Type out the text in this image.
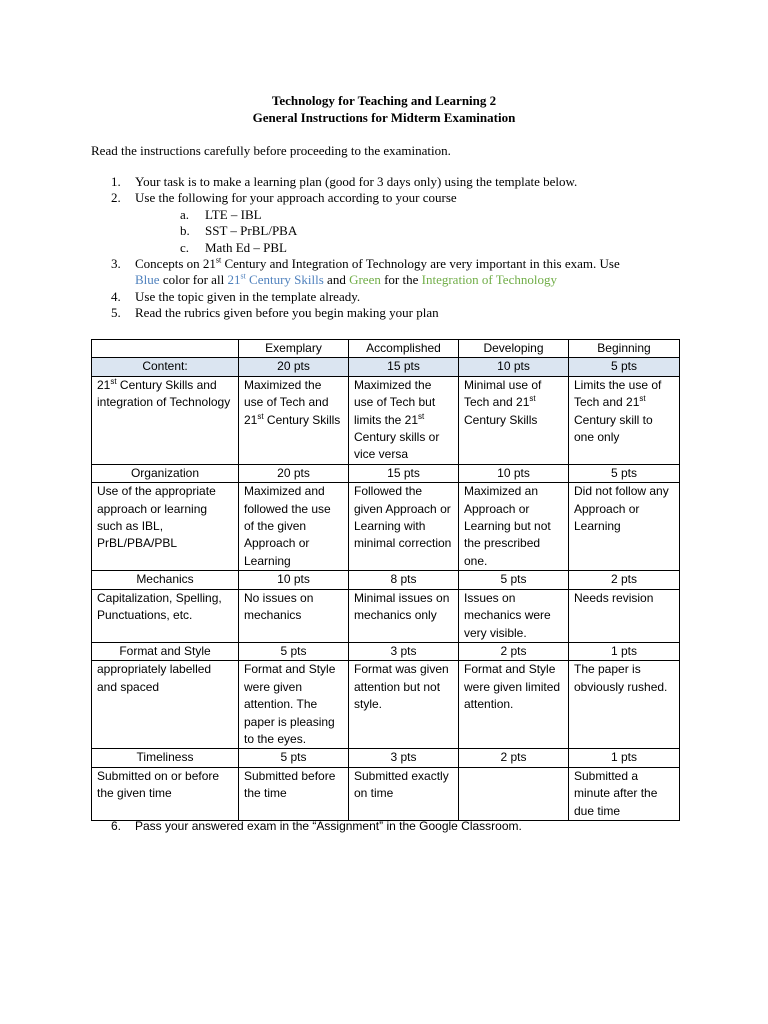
Technology for Teaching and Learning 2
General Instructions for Midterm Examination
Read the instructions carefully before proceeding to the examination.
1. Your task is to make a learning plan (good for 3 days only) using the template below.
2. Use the following for your approach according to your course
a. LTE – IBL
b. SST – PrBL/PBA
c. Math Ed – PBL
3. Concepts on 21st Century and Integration of Technology are very important in this exam. Use
Blue color for all 21st Century Skills and Green for the Integration of Technology
4. Use the topic given in the template already.
5. Read the rubrics given before you begin making your plan
	Exemplary	Accomplished	Developing	Beginning
Content:	20 pts	15 pts	10 pts	5 pts
21st Century Skills and integration of Technology	Maximized the use of Tech and 21st Century Skills	Maximized the use of Tech but limits the 21st Century skills or vice versa	Minimal use of Tech and 21st Century Skills	Limits the use of Tech and 21st Century skill to one only
Organization	20 pts	15 pts	10 pts	5 pts
Use of the appropriate approach or learning such as IBL, PrBL/PBA/PBL	Maximized and followed the use of the given Approach or Learning	Followed the given Approach or Learning with minimal correction	Maximized an Approach or Learning but not the prescribed one.	Did not follow any Approach or Learning
Mechanics	10 pts	8 pts	5 pts	2 pts
Capitalization, Spelling, Punctuations, etc.	No issues on mechanics	Minimal issues on mechanics only	Issues on mechanics were very visible.	Needs revision
Format and Style	5 pts	3 pts	2 pts	1 pts
appropriately labelled and spaced	Format and Style were given attention. The paper is pleasing to the eyes.	Format was given attention but not style.	Format and Style were given limited attention.	The paper is obviously rushed.
Timeliness	5 pts	3 pts	2 pts	1 pts
Submitted on or before the given time	Submitted before the time	Submitted exactly on time		Submitted a minute after the due time
6. Pass your answered exam in the “Assignment” in the Google Classroom.
